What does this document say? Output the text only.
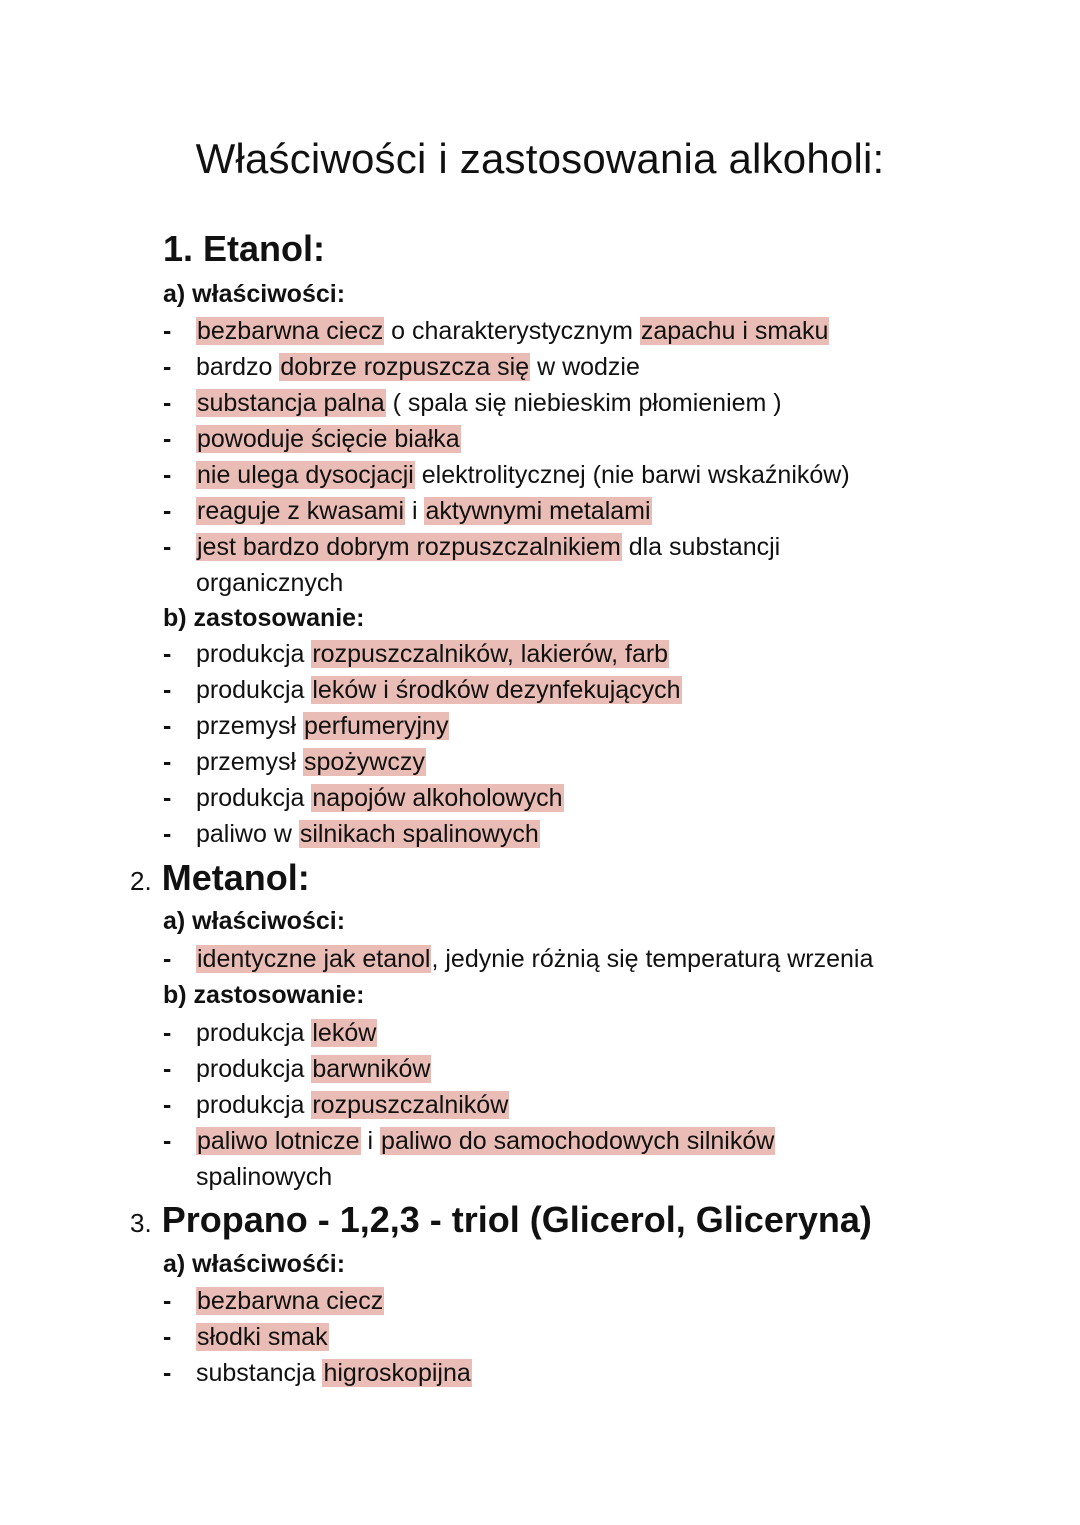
Właściwości i zastosowania alkoholi:
1. Etanol:
a) właściwości:
- bezbarwna ciecz o charakterystycznym zapachu i smaku
- bardzo dobrze rozpuszcza się w wodzie
- substancja palna ( spala się niebieskim płomieniem )
- powoduje ścięcie białka
- nie ulega dysocjacji elektrolitycznej (nie barwi wskaźników)
- reaguje z kwasami i aktywnymi metalami
- jest bardzo dobrym rozpuszczalnikiem dla substancji
organicznych
b) zastosowanie:
- produkcja rozpuszczalników, lakierów, farb
- produkcja leków i środków dezynfekujących
- przemysł perfumeryjny
- przemysł spożywczy
- produkcja napojów alkoholowych
- paliwo w silnikach spalinowych
2. Metanol:
a) właściwości:
- identyczne jak etanol, jedynie różnią się temperaturą wrzenia
b) zastosowanie:
- produkcja leków
- produkcja barwników
- produkcja rozpuszczalników
- paliwo lotnicze i paliwo do samochodowych silników
spalinowych
3. Propano - 1,2,3 - triol (Glicerol, Gliceryna)
a) właściwośći:
- bezbarwna ciecz
- słodki smak
- substancja higroskopijna
